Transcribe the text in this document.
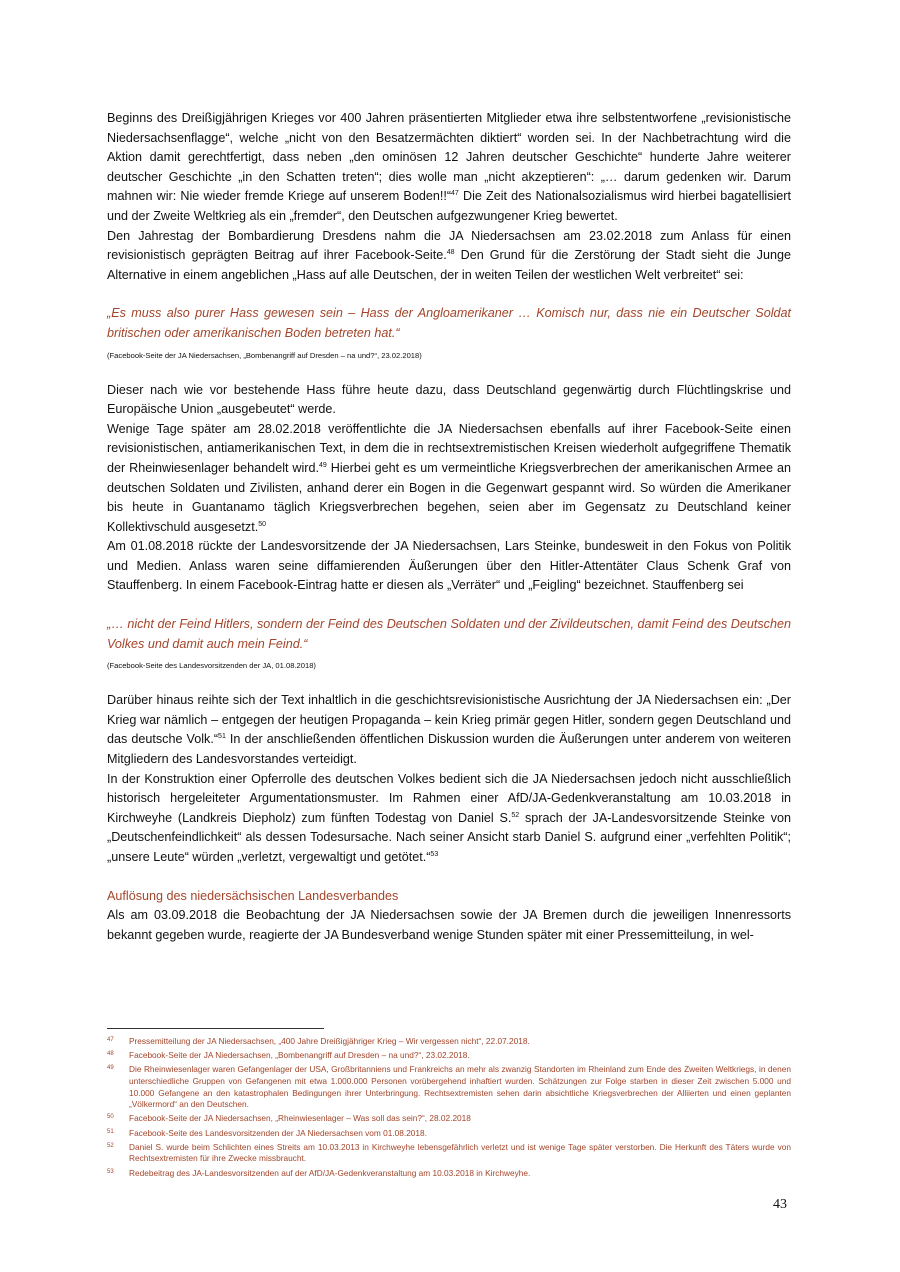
Beginns des Dreißigjährigen Krieges vor 400 Jahren präsentierten Mitglieder etwa ihre selbstentworfene „revisionistische Niedersachsenflagge“, welche „nicht von den Besatzermächten diktiert“ worden sei. In der Nachbetrachtung wird die Aktion damit gerechtfertigt, dass neben „den ominösen 12 Jahren deutscher Geschichte“ hunderte Jahre weiterer deutscher Geschichte „in den Schatten treten“; dies wolle man „nicht akzeptieren“: „… darum gedenken wir. Darum mahnen wir: Nie wieder fremde Kriege auf unserem Boden!!“$^{47}$ Die Zeit des Nationalsozialismus wird hierbei bagatellisiert und der Zweite Weltkrieg als ein „fremder“, den Deutschen aufgezwungener Krieg bewertet.

Den Jahrestag der Bombardierung Dresdens nahm die JA Niedersachsen am 23.02.2018 zum Anlass für einen revisionistisch geprägten Beitrag auf ihrer Facebook-Seite.$^{48}$ Den Grund für die Zerstörung der Stadt sieht die Junge Alternative in einem angeblichen „Hass auf alle Deutschen, der in weiten Teilen der westlichen Welt verbreitet“ sei:

„Es muss also purer Hass gewesen sein – Hass der Angloamerikaner … Komisch nur, dass nie ein Deutscher Soldat britischen oder amerikanischen Boden betreten hat.“

(Facebook-Seite der JA Niedersachsen, „Bombenangriff auf Dresden – na und?“, 23.02.2018)

Dieser nach wie vor bestehende Hass führe heute dazu, dass Deutschland gegenwärtig durch Flüchtlingskrise und Europäische Union „ausgebeutet“ werde.

Wenige Tage später am 28.02.2018 veröffentlichte die JA Niedersachsen ebenfalls auf ihrer Facebook-Seite einen revisionistischen, antiamerikanischen Text, in dem die in rechtsextremistischen Kreisen wiederholt aufgegriffene Thematik der Rheinwiesenlager behandelt wird.$^{49}$ Hierbei geht es um vermeintliche Kriegsverbrechen der amerikanischen Armee an deutschen Soldaten und Zivilisten, anhand derer ein Bogen in die Gegenwart gespannt wird. So würden die Amerikaner bis heute in Guantanamo täglich Kriegsverbrechen begehen, seien aber im Gegensatz zu Deutschland keiner Kollektivschuld ausgesetzt.$^{50}$

Am 01.08.2018 rückte der Landesvorsitzende der JA Niedersachsen, Lars Steinke, bundesweit in den Fokus von Politik und Medien. Anlass waren seine diffamierenden Äußerungen über den Hitler-Attentäter Claus Schenk Graf von Stauffenberg. In einem Facebook-Eintrag hatte er diesen als „Verräter“ und „Feigling“ bezeichnet. Stauffenberg sei

„… nicht der Feind Hitlers, sondern der Feind des Deutschen Soldaten und der Zivildeutschen, damit Feind des Deutschen Volkes und damit auch mein Feind.“

(Facebook-Seite des Landesvorsitzenden der JA, 01.08.2018)

Darüber hinaus reihte sich der Text inhaltlich in die geschichtsrevisionistische Ausrichtung der JA Niedersachsen ein: „Der Krieg war nämlich – entgegen der heutigen Propaganda – kein Krieg primär gegen Hitler, sondern gegen Deutschland und das deutsche Volk.“$^{51}$ In der anschließenden öffentlichen Diskussion wurden die Äußerungen unter anderem von weiteren Mitgliedern des Landesvorstandes verteidigt.

In der Konstruktion einer Opferrolle des deutschen Volkes bedient sich die JA Niedersachsen jedoch nicht ausschließlich historisch hergeleiteter Argumentationsmuster. Im Rahmen einer AfD/JA-Gedenkveranstaltung am 10.03.2018 in Kirchweyhe (Landkreis Diepholz) zum fünften Todestag von Daniel S.$^{52}$ sprach der JA-Landesvorsitzende Steinke von „Deutschenfeindlichkeit“ als dessen Todesursache. Nach seiner Ansicht starb Daniel S. aufgrund einer „verfehlten Politik“; „unsere Leute“ würden „verletzt, vergewaltigt und getötet.“$^{53}$

Auflösung des niedersächsischen Landesverbandes

Als am 03.09.2018 die Beobachtung der JA Niedersachsen sowie der JA Bremen durch die jeweiligen Innenressorts bekannt gegeben wurde, reagierte der JA Bundesverband wenige Stunden später mit einer Pressemitteilung, in wel-

47	Pressemitteilung der JA Niedersachsen, „400 Jahre Dreißigjähriger Krieg – Wir vergessen nicht“, 22.07.2018.
48	Facebook-Seite der JA Niedersachsen, „Bombenangriff auf Dresden – na und?“, 23.02.2018.
49	Die Rheinwiesenlager waren Gefangenlager der USA, Großbritanniens und Frankreichs an mehr als zwanzig Standorten im Rheinland zum Ende des Zweiten Weltkriegs, in denen unterschiedliche Gruppen von Gefangenen mit etwa 1.000.000 Personen vorübergehend inhaftiert wurden. Schätzungen zur Folge starben in dieser Zeit zwischen 5.000 und 10.000 Gefangene an den katastrophalen Bedingungen ihrer Unterbringung. Rechtsextremisten sehen darin absichtliche Kriegsverbrechen der Alliierten und einen geplanten „Völkermord“ an den Deutschen.
50	Facebook-Seite der JA Niedersachsen, „Rheinwiesenlager – Was soll das sein?“, 28.02.2018
51	Facebook-Seite des Landesvorsitzenden der JA Niedersachsen vom 01.08.2018.
52	Daniel S. wurde beim Schlichten eines Streits am 10.03.2013 in Kirchweyhe lebensgefährlich verletzt und ist wenige Tage später verstorben. Die Herkunft des Täters wurde von Rechtsextremisten für ihre Zwecke missbraucht.
53	Redebeitrag des JA-Landesvorsitzenden auf der AfD/JA-Gedenkveranstaltung am 10.03.2018 in Kirchweyhe.
43
